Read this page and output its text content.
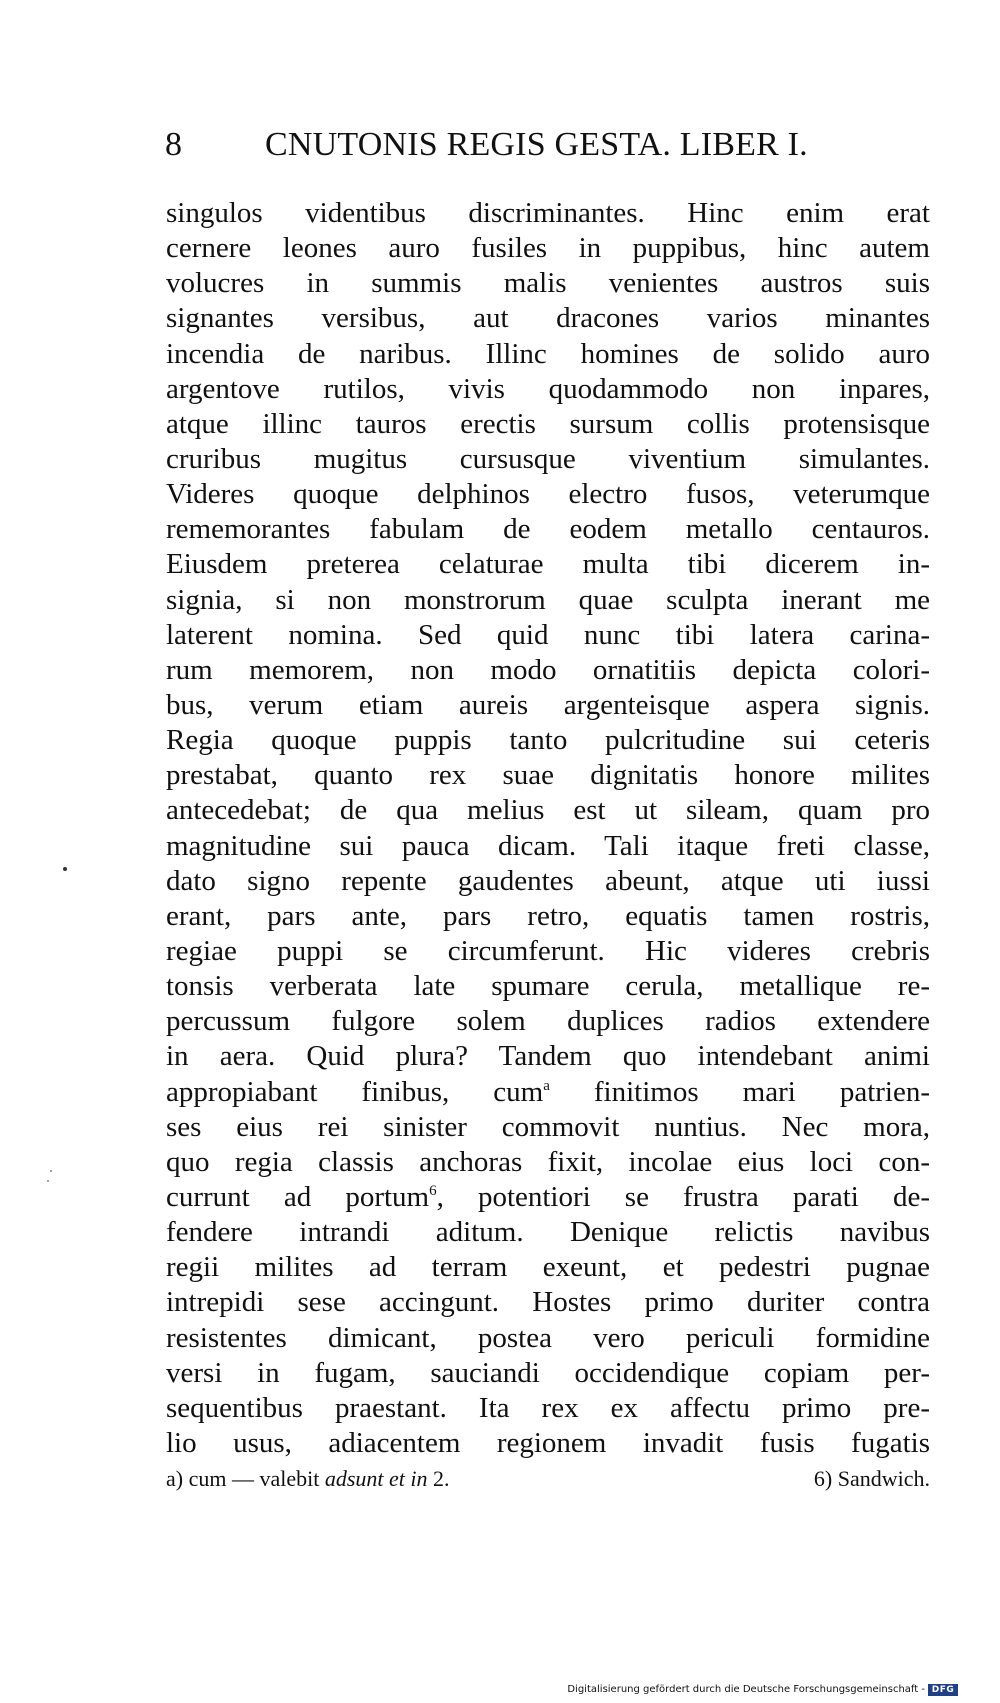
8 CNUTONIS REGIS GESTA. LIBER I.
singulos videntibus discriminantes. Hinc enim erat
cernere leones auro fusiles in puppibus, hinc autem
volucres in summis malis venientes austros suis
signantes versibus, aut dracones varios minantes
incendia de naribus. Illinc homines de solido auro
argentove rutilos, vivis quodammodo non inpares,
atque illinc tauros erectis sursum collis protensisque
cruribus mugitus cursusque viventium simulantes.
Videres quoque delphinos electro fusos, veterumque
rememorantes fabulam de eodem metallo centauros.
Eiusdem preterea celaturae multa tibi dicerem in-
signia, si non monstrorum quae sculpta inerant me
laterent nomina. Sed quid nunc tibi latera carina-
rum memorem, non modo ornatitiis depicta colori-
bus, verum etiam aureis argenteisque aspera signis.
Regia quoque puppis tanto pulcritudine sui ceteris
prestabat, quanto rex suae dignitatis honore milites
antecedebat; de qua melius est ut sileam, quam pro
magnitudine sui pauca dicam. Tali itaque freti classe,
dato signo repente gaudentes abeunt, atque uti iussi
erant, pars ante, pars retro, equatis tamen rostris,
regiae puppi se circumferunt. Hic videres crebris
tonsis verberata late spumare cerula, metallique re-
percussum fulgore solem duplices radios extendere
in aera. Quid plura? Tandem quo intendebant animi
appropiabant finibus, cum$^a$ finitimos mari patrien-
ses eius rei sinister commovit nuntius. Nec mora,
quo regia classis anchoras fixit, incolae eius loci con-
currunt ad portum$^6$, potentiori se frustra parati de-
fendere intrandi aditum. Denique relictis navibus
regii milites ad terram exeunt, et pedestri pugnae
intrepidi sese accingunt. Hostes primo duriter contra
resistentes dimicant, postea vero periculi formidine
versi in fugam, sauciandi occidendique copiam per-
sequentibus praestant. Ita rex ex affectu primo pre-
lio usus, adiacentem regionem invadit fusis fugatis
a) cum — valebit adsunt et in 2.	6) Sandwich.
Digitalisierung gefördert durch die Deutsche Forschungsgemeinschaft - DFG
